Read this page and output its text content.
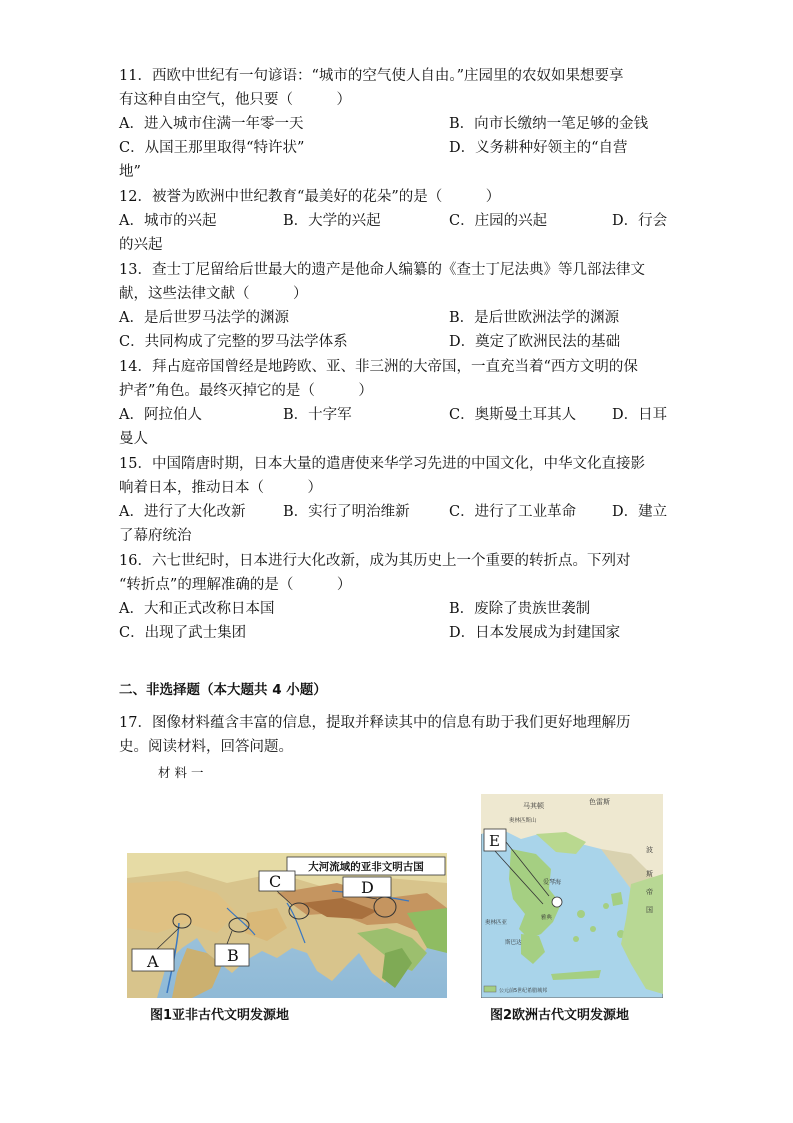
11．西欧中世纪有一句谚语：“城市的空气使人自由。”庄园里的农奴如果想要享
有这种自由空气，他只要（　　　）
A．进入城市住满一年零一天	B．向市长缴纳一笔足够的金钱
C．从国王那里取得“特许状”	D．义务耕种好领主的“自营
地”
12．被誉为欧洲中世纪教育“最美好的花朵”的是（　　　）
A．城市的兴起	B．大学的兴起	C．庄园的兴起	D．行会
的兴起
13．查士丁尼留给后世最大的遗产是他命人编纂的《查士丁尼法典》等几部法律文
献，这些法律文献（　　　）
A．是后世罗马法学的渊源	B．是后世欧洲法学的渊源
C．共同构成了完整的罗马法学体系	D．奠定了欧洲民法的基础
14．拜占庭帝国曾经是地跨欧、亚、非三洲的大帝国，一直充当着“西方文明的保
护者”角色。最终灭掉它的是（　　　）
A．阿拉伯人	B．十字军	C．奥斯曼土耳其人 D．日耳
曼人
15．中国隋唐时期，日本大量的遣唐使来华学习先进的中国文化，中华文化直接影
响着日本，推动日本（　　　）
A．进行了大化改新	B．实行了明治维新	C．进行了工业革命 D．建立
了幕府统治
16．六七世纪时，日本进行大化改新，成为其历史上一个重要的转折点。下列对
“转折点”的理解准确的是（　　　）
A．大和正式改称日本国	B．废除了贵族世袭制
C．出现了武士集团	D．日本发展成为封建国家
二、非选择题（本大题共 4 小题）
17．图像材料蕴含丰富的信息，提取并释读其中的信息有助于我们更好地理解历
史。阅读材料，回答问题。
材料一
大河流域的亚非文明古国
A	B
C	D
E
色雷斯
波
斯
帝
国
马其顿
奥林匹斯山
爱琴海
奥林匹亚
斯巴达
雅典
公元前5世纪希腊城邦
图1亚非古代文明发源地	图2欧洲古代文明发源地
